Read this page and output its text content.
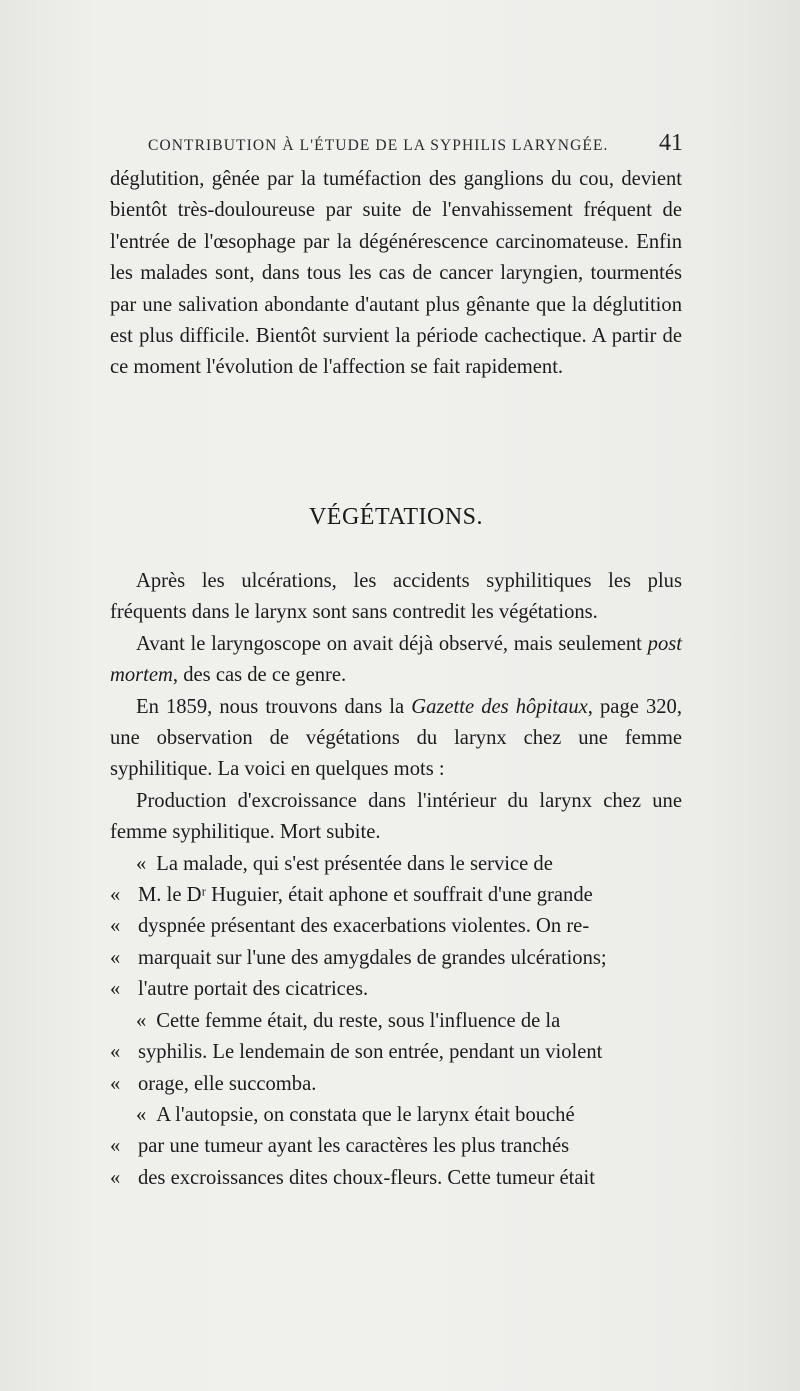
CONTRIBUTION À L'ÉTUDE DE LA SYPHILIS LARYNGÉE. 41

déglutition, gênée par la tuméfaction des ganglions du cou, devient bientôt très-douloureuse par suite de l'envahissement fréquent de l'entrée de l'œsophage par la dégénérescence carcinomateuse. Enfin les malades sont, dans tous les cas de cancer laryngien, tourmentés par une salivation abondante d'autant plus gênante que la déglutition est plus difficile. Bientôt survient la période cachectique. A partir de ce moment l'évolution de l'affection se fait rapidement.

VÉGÉTATIONS.

Après les ulcérations, les accidents syphilitiques les plus fréquents dans le larynx sont sans contredit les végétations.

Avant le laryngoscope on avait déjà observé, mais seulement post mortem, des cas de ce genre.

En 1859, nous trouvons dans la Gazette des hôpitaux, page 320, une observation de végétations du larynx chez une femme syphilitique. La voici en quelques mots :

Production d'excroissance dans l'intérieur du larynx chez une femme syphilitique. Mort subite.

« La malade, qui s'est présentée dans le service de
« M. le Dʳ Huguier, était aphone et souffrait d'une grande
« dyspnée présentant des exacerbations violentes. On re-
« marquait sur l'une des amygdales de grandes ulcérations;
« l'autre portait des cicatrices.
« Cette femme était, du reste, sous l'influence de la
« syphilis. Le lendemain de son entrée, pendant un violent
« orage, elle succomba.
« A l'autopsie, on constata que le larynx était bouché
« par une tumeur ayant les caractères les plus tranchés
« des excroissances dites choux-fleurs. Cette tumeur était
